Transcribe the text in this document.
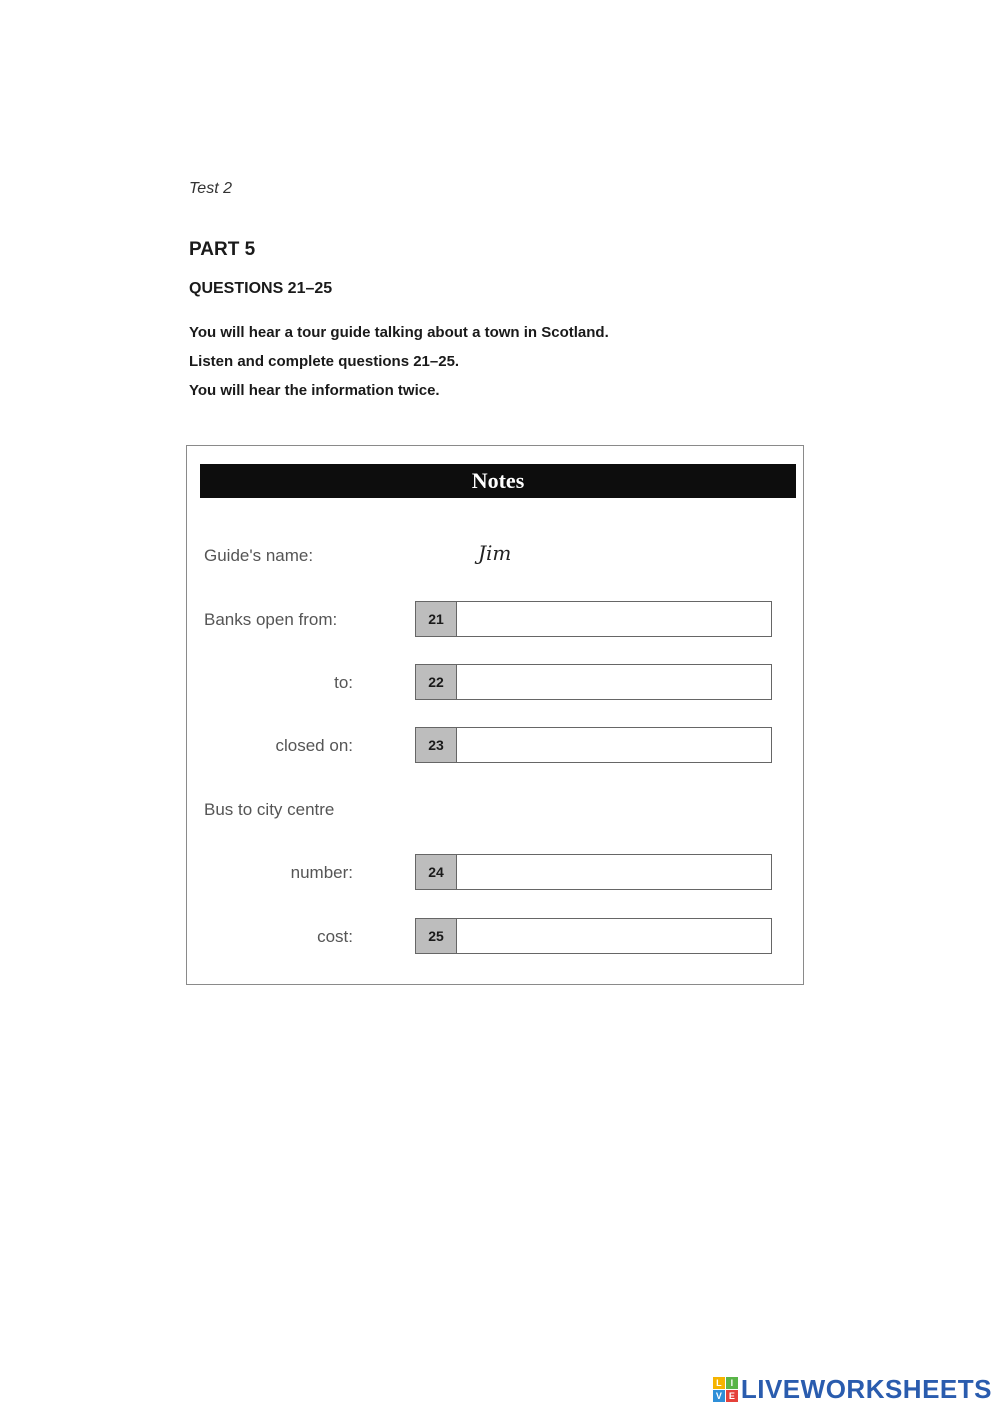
Test 2
PART 5
QUESTIONS 21–25
You will hear a tour guide talking about a town in Scotland.
Listen and complete questions 21–25.
You will hear the information twice.
Notes
Guide's name:	Jim
Banks open from:	21
to:	22
closed on:	23
Bus to city centre
number:	24
cost:	25
L I
V E LIVEWORKSHEETS
